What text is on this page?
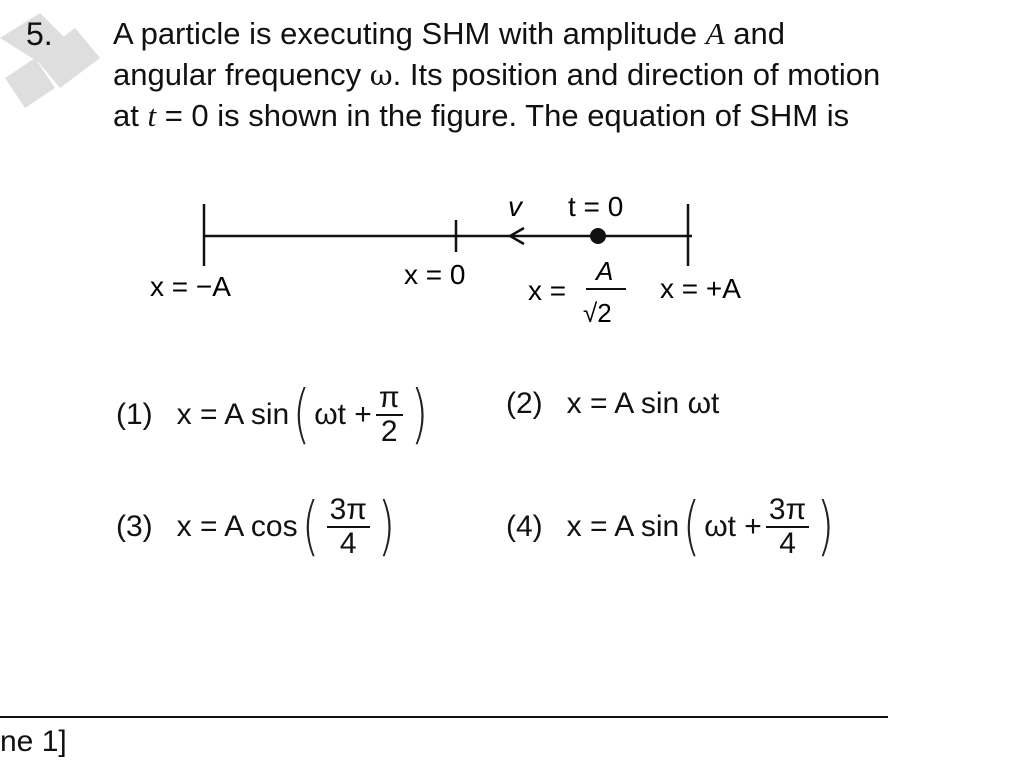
5. A particle is executing SHM with amplitude A and angular frequency ω. Its position and direction of motion at t = 0 is shown in the figure. The equation of SHM is
v t = 0
x = −A	x = 0
x =
A
√2
x = +A
(1) x = A sin ( $\omega t + \frac{\pi}{2}$ )	(2) x = A sin ωt
(3) x = A cos ( $\frac{3\pi}{4}$ )	(4) x = A sin ( $\omega t + \frac{3\pi}{4}$ )
ne 1]
